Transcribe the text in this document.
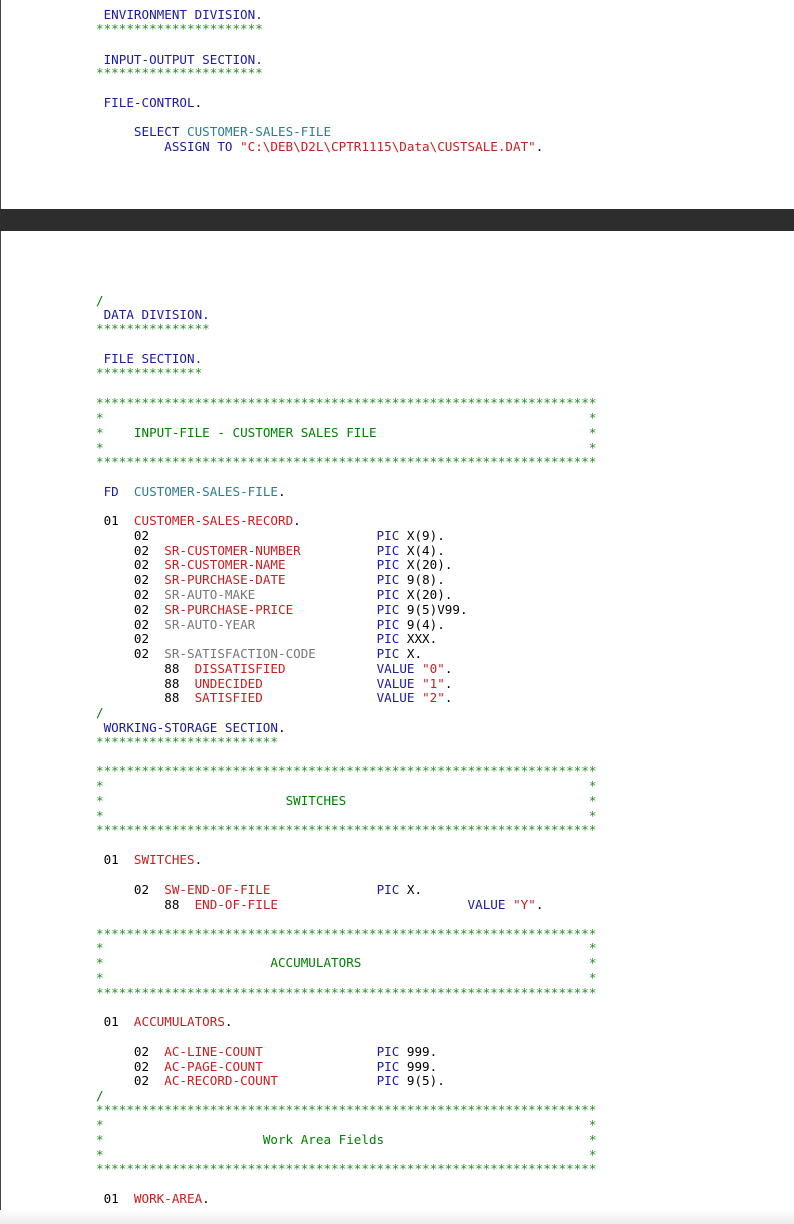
ENVIRONMENT DIVISION.
**********************
INPUT-OUTPUT SECTION.
**********************
FILE-CONTROL.
SELECT CUSTOMER-SALES-FILE
ASSIGN TO "C:\DEB\D2L\CPTR1115\Data\CUSTSALE.DAT".
/
DATA DIVISION.
***************
FILE SECTION.
**************
******************************************************************
*                                                                *
*    INPUT-FILE - CUSTOMER SALES FILE                            *
*                                                                *
******************************************************************
FD  CUSTOMER-SALES-FILE.
01  CUSTOMER-SALES-RECORD.
02                              PIC X(9).
02  SR-CUSTOMER-NUMBER	PIC X(4).
02  SR-CUSTOMER-NAME	PIC X(20).
02  SR-PURCHASE-DATE	PIC 9(8).
02  SR-AUTO-MAKE	PIC X(20).
02  SR-PURCHASE-PRICE	PIC 9(5)V99.
02  SR-AUTO-YEAR	PIC 9(4).
02                              PIC XXX.
02  SR-SATISFACTION-CODE	PIC X.
88  DISSATISFIED	VALUE "0".
88  UNDECIDED	VALUE "1".
88  SATISFIED	VALUE "2".
/
WORKING-STORAGE SECTION.
************************
******************************************************************
*                                                                *
*                        SWITCHES                                *
*                                                                *
******************************************************************
01  SWITCHES.
02  SW-END-OF-FILE	PIC X.
88  END-OF-FILE	VALUE "Y".
******************************************************************
*                                                                *
*                      ACCUMULATORS                              *
*                                                                *
******************************************************************
01  ACCUMULATORS.
02  AC-LINE-COUNT	PIC 999.
02  AC-PAGE-COUNT	PIC 999.
02  AC-RECORD-COUNT	PIC 9(5).
/
******************************************************************
*                                                                *
*                     Work Area Fields                           *
*                                                                *
******************************************************************
01  WORK-AREA.
